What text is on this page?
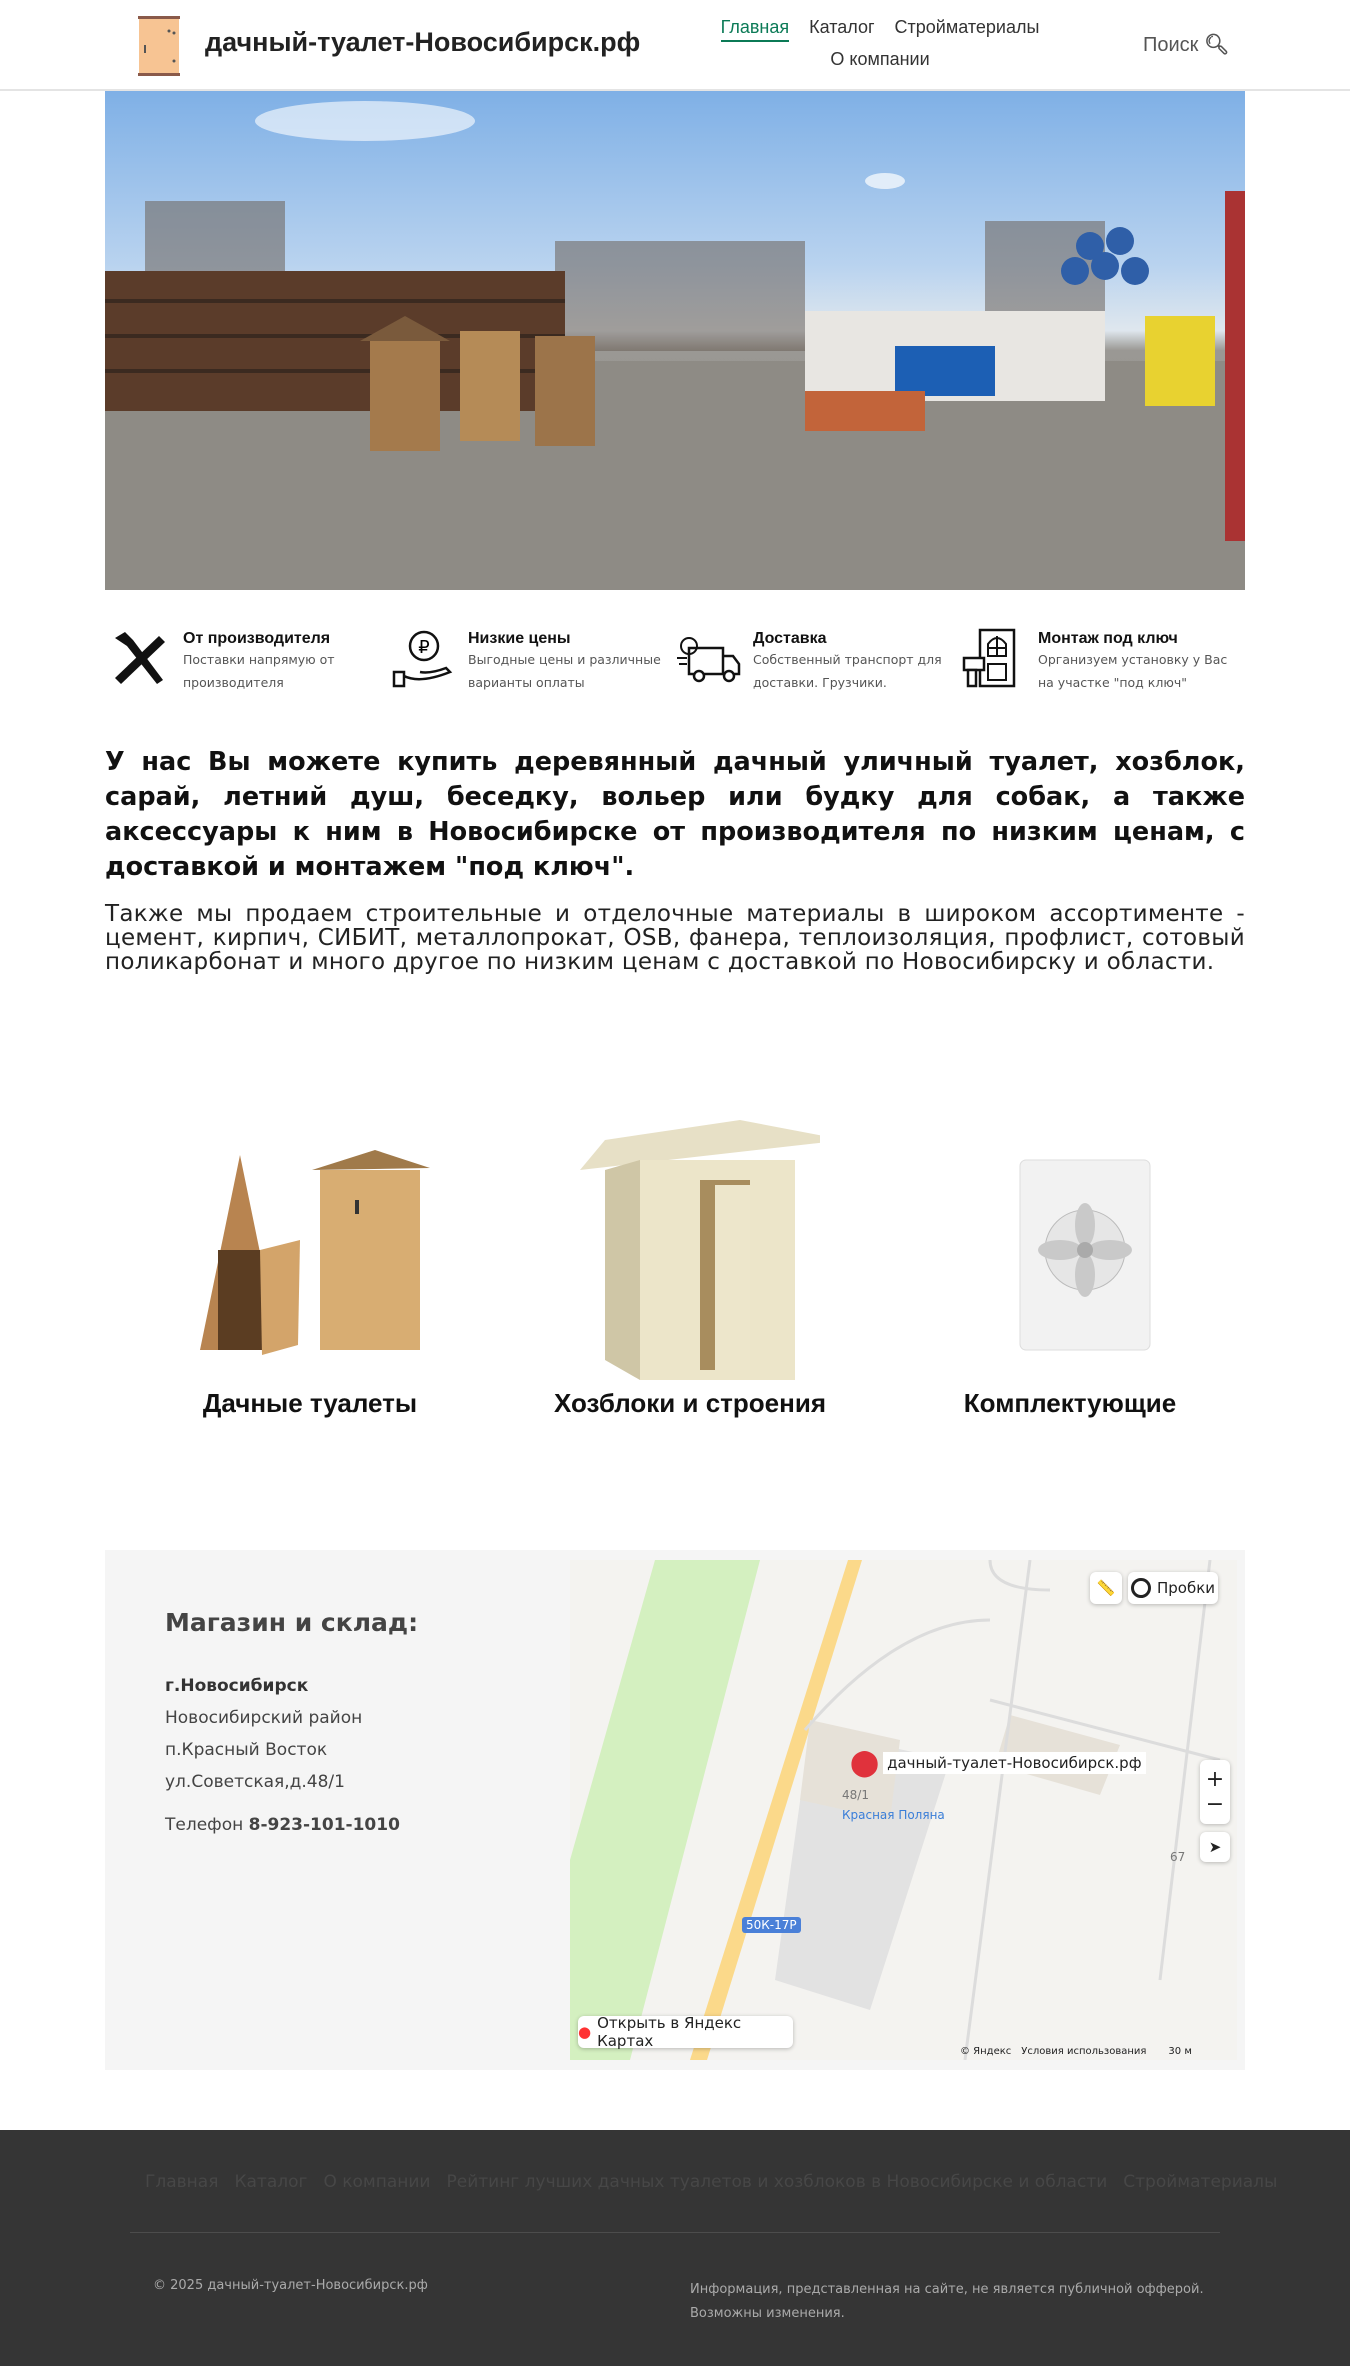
дачный-туалет-Новосибирск.рф	Главная Каталог Стройматериалы
О компании
Поиск 🔍︎
От производителя

Поставки напрямую от производителя

₽ Низкие цены

Выгодные цены и различные варианты оплаты

Доставка

Собственный транспорт для доставки. Грузчики.

Монтаж под ключ

Организуем установку у Вас на участке "под ключ"

У нас Вы можете купить деревянный дачный уличный туалет, хозблок, сарай, летний душ, беседку, вольер или будку для собак, а также аксессуары к ним в Новосибирске от производителя по низким ценам, с доставкой и монтажем "под ключ".

Также мы продаем строительные и отделочные материалы в широком ассортименте - цемент, кирпич, СИБИТ, металлопрокат, OSB, фанера, теплоизоляция, профлист, сотовый поликарбонат и много другое по низким ценам с доставкой по Новосибирску и области.

Дачные туалеты	Хозблоки и строения	Комплектующие
Магазин и склад:
г.Новосибирск
Новосибирский район
п.Красный Восток
ул.Советская,д.48/1
Телефон 8-923-101-1010
📏	Пробки
⬤ дачный-туалет-Новосибирск.рф
48/1
Красная Поляна
50К-17Р
67
+
−
➤
● Открыть в Яндекс Картах
© Яндекс Условия использования 30 м
Главная Каталог О компании Рейтинг лучших дачных туалетов и хозблоков в Новосибирске и области Стройматериалы
© 2025 дачный-туалет-Новосибирск.рф	Информация, представленная на сайте, не является публичной офферой.
Возможны изменения.
